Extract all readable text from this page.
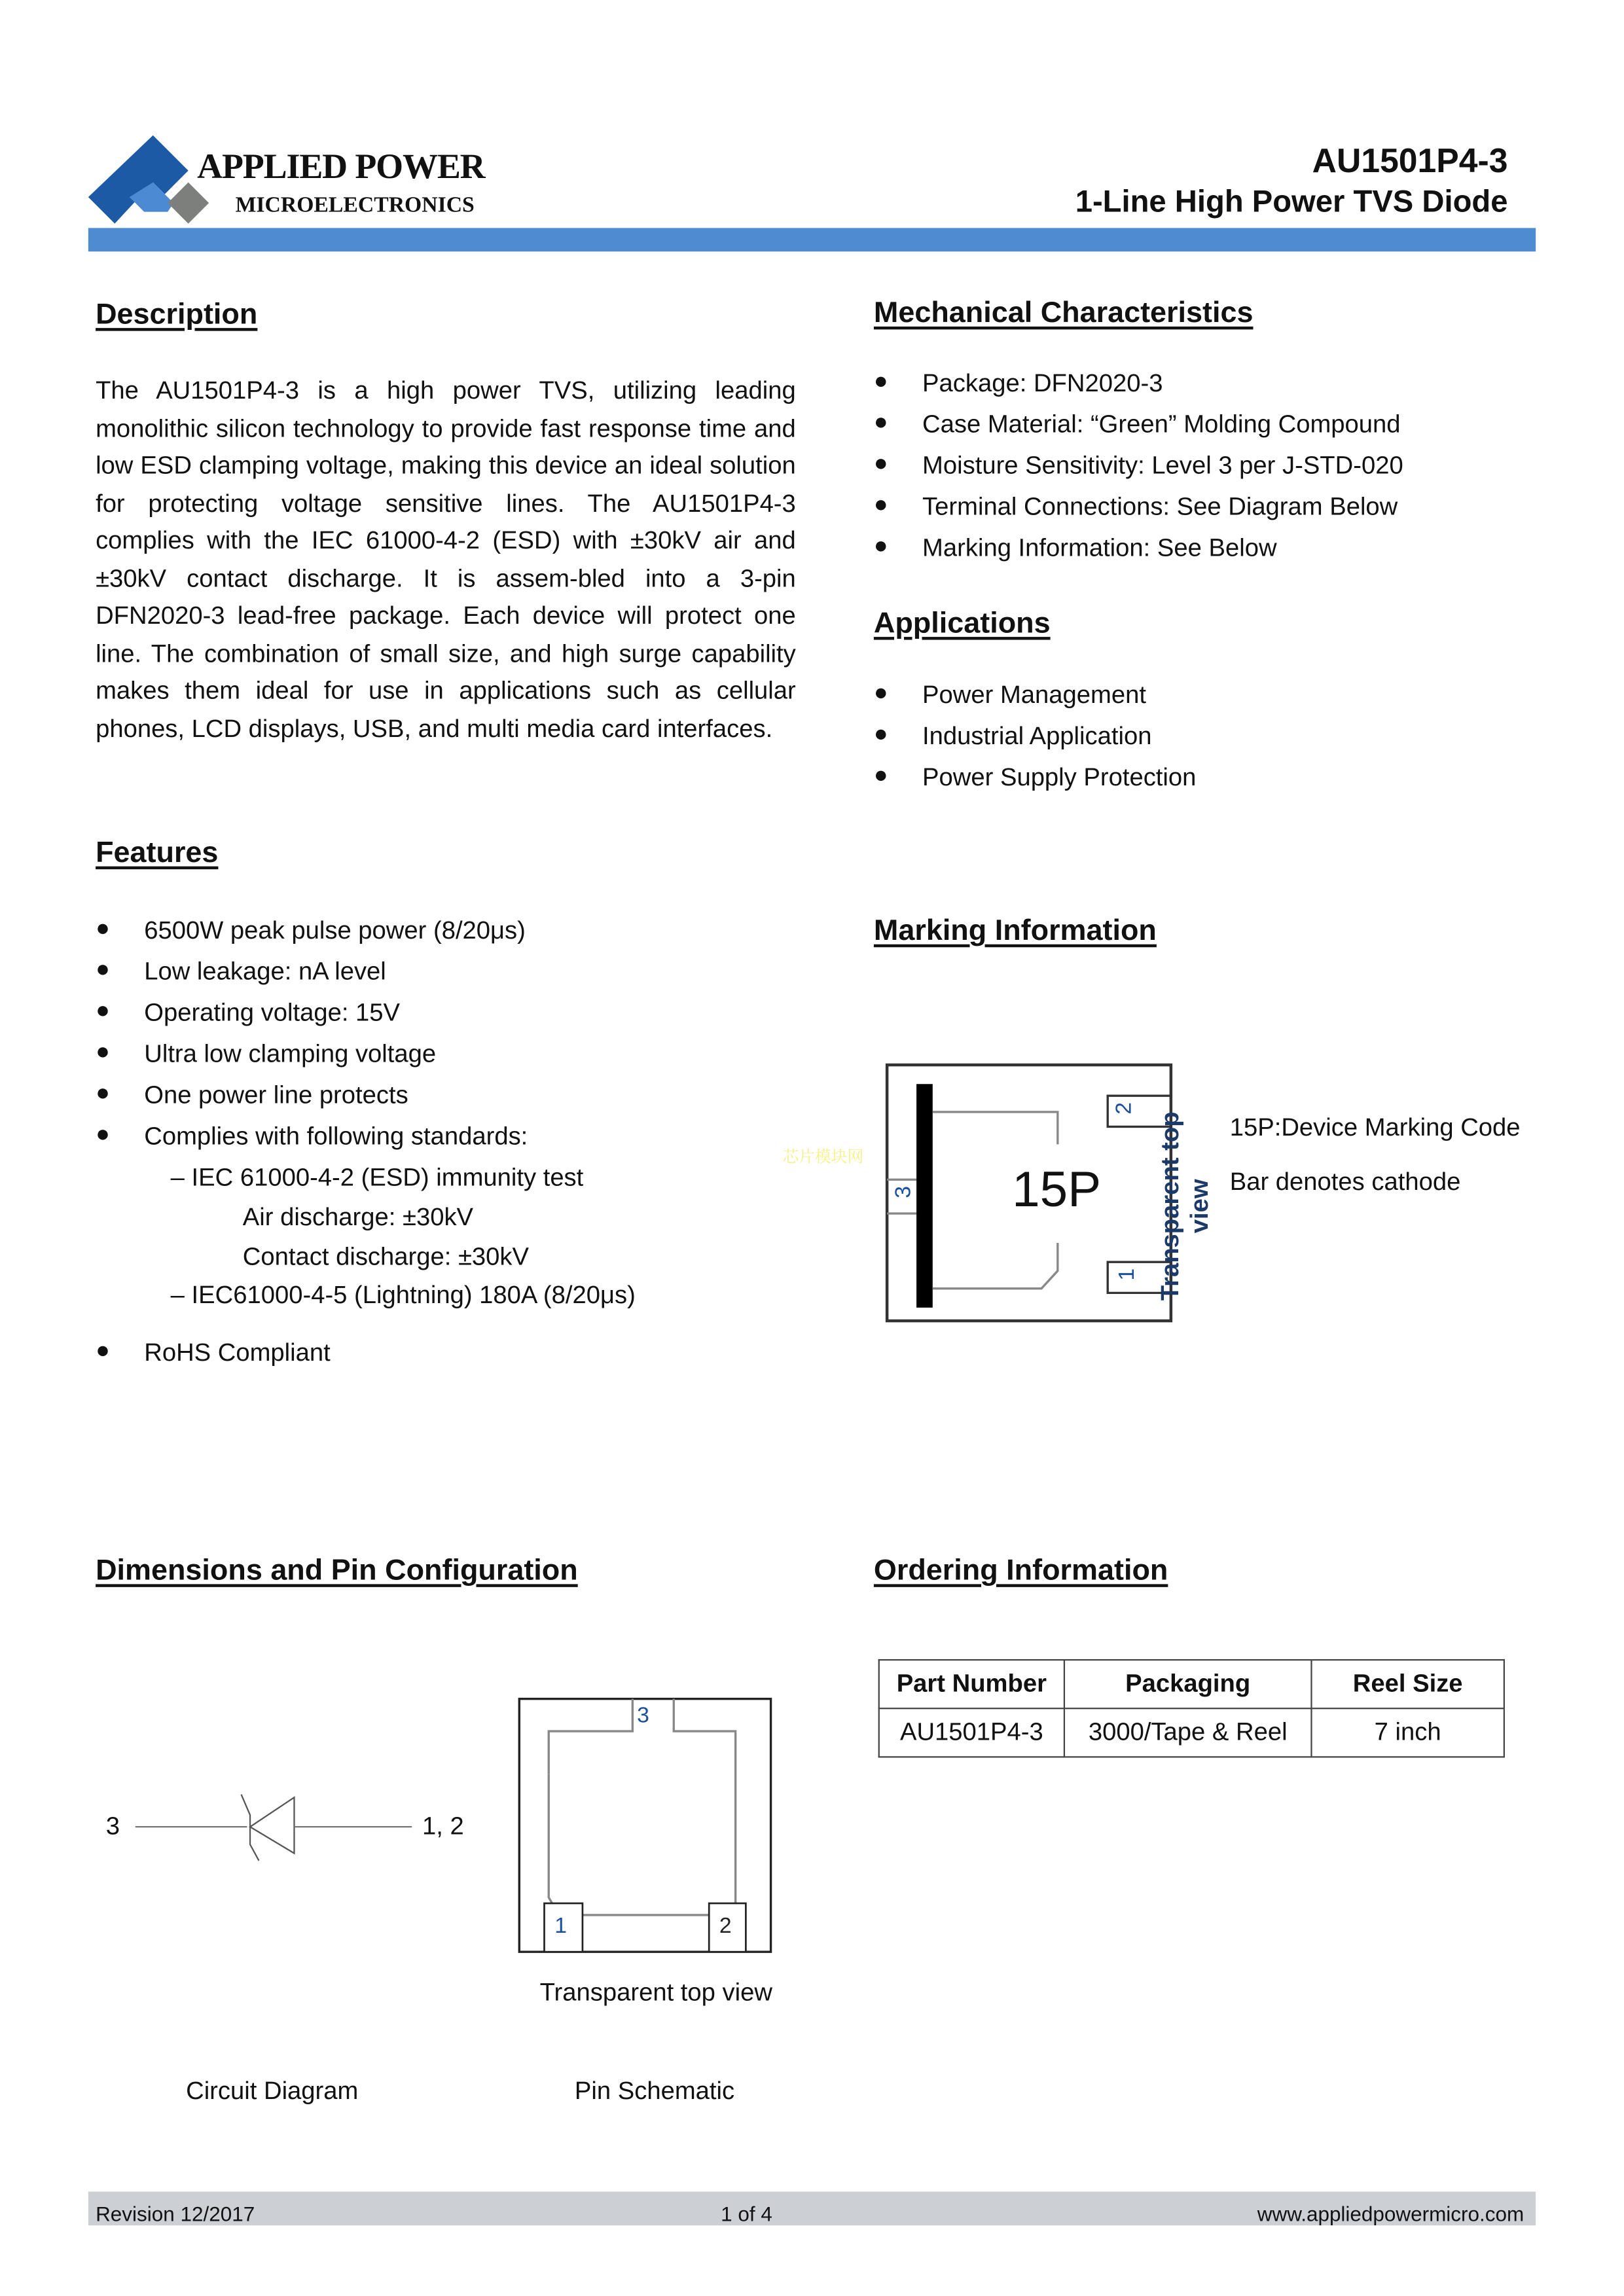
APPLIED POWER
MICROELECTRONICS
AU1501P4-3
1-Line High Power TVS Diode
Description
The AU1501P4-3 is a high power TVS, utilizing leading monolithic silicon technology to provide fast response time and low ESD clamping voltage, making this device an ideal solution for protecting voltage sensitive lines. The AU1501P4-3 complies with the IEC 61000-4-2 (ESD) with ±30kV air and ±30kV contact discharge. It is assem-bled into a 3-pin DFN2020-3 lead-free package. Each device will protect one line. The combination of small size, and high surge capability makes them ideal for use in applications such as cellular phones, LCD displays, USB, and multi media card interfaces.
Mechanical Characteristics
●	Package: DFN2020-3
●	Case Material: “Green” Molding Compound
●	Moisture Sensitivity: Level 3 per J-STD-020
●	Terminal Connections: See Diagram Below
●	Marking Information: See Below
Applications
●	Power Management
●	Industrial Application
●	Power Supply Protection
Features
●	6500W peak pulse power (8/20μs)
●	Low leakage: nA level
●	Operating voltage: 15V
●	Ultra low clamping voltage
●	One power line protects
●	Complies with following standards:
– IEC 61000-4-2 (ESD) immunity test
Air discharge: ±30kV
Contact discharge: ±30kV
– IEC61000-4-5 (Lightning) 180A (8/20μs)
●	RoHS Compliant
Marking Information
芯片模块网
15P
2
1
3	Transparent top view
15P:Device Marking Code
Bar denotes cathode
Dimensions and Pin Configuration
3	1, 2
3
1	2
Transparent top view
Circuit Diagram	Pin Schematic
Ordering Information
Part Number	Packaging	Reel Size
AU1501P4-3	3000/Tape & Reel	7 inch
Revision 12/2017	1 of 4	www.appliedpowermicro.com
